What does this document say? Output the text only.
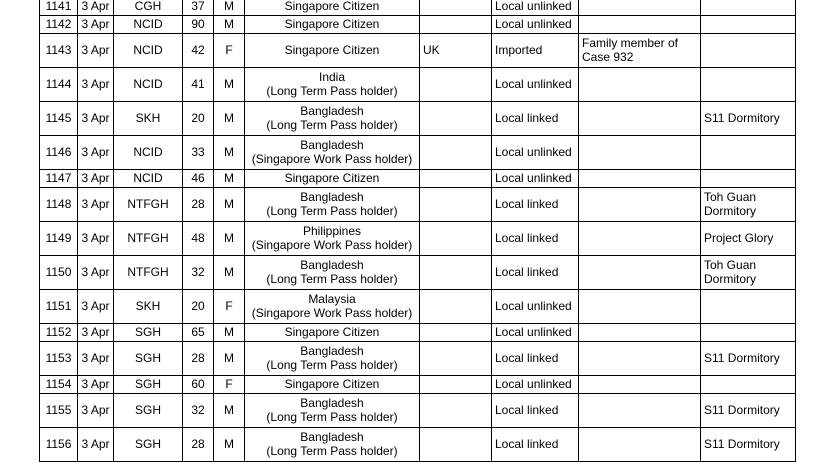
1141	3 Apr	CGH	37	M	Singapore Citizen		Local unlinked		
1142	3 Apr	NCID	90	M	Singapore Citizen		Local unlinked		
1143	3 Apr	NCID	42	F	Singapore Citizen	UK	Imported	Family member of Case 932	
1144	3 Apr	NCID	41	M	India
(Long Term Pass holder)		Local unlinked		
1145	3 Apr	SKH	20	M	Bangladesh
(Long Term Pass holder)		Local linked		S11 Dormitory
1146	3 Apr	NCID	33	M	Bangladesh
(Singapore Work Pass holder)		Local unlinked		
1147	3 Apr	NCID	46	M	Singapore Citizen		Local unlinked		
1148	3 Apr	NTFGH	28	M	Bangladesh
(Long Term Pass holder)		Local linked		Toh Guan Dormitory
1149	3 Apr	NTFGH	48	M	Philippines
(Singapore Work Pass holder)		Local linked		Project Glory
1150	3 Apr	NTFGH	32	M	Bangladesh
(Long Term Pass holder)		Local linked		Toh Guan Dormitory
1151	3 Apr	SKH	20	F	Malaysia
(Singapore Work Pass holder)		Local unlinked		
1152	3 Apr	SGH	65	M	Singapore Citizen		Local unlinked		
1153	3 Apr	SGH	28	M	Bangladesh
(Long Term Pass holder)		Local linked		S11 Dormitory
1154	3 Apr	SGH	60	F	Singapore Citizen		Local unlinked		
1155	3 Apr	SGH	32	M	Bangladesh
(Long Term Pass holder)		Local linked		S11 Dormitory
1156	3 Apr	SGH	28	M	Bangladesh
(Long Term Pass holder)		Local linked		S11 Dormitory
